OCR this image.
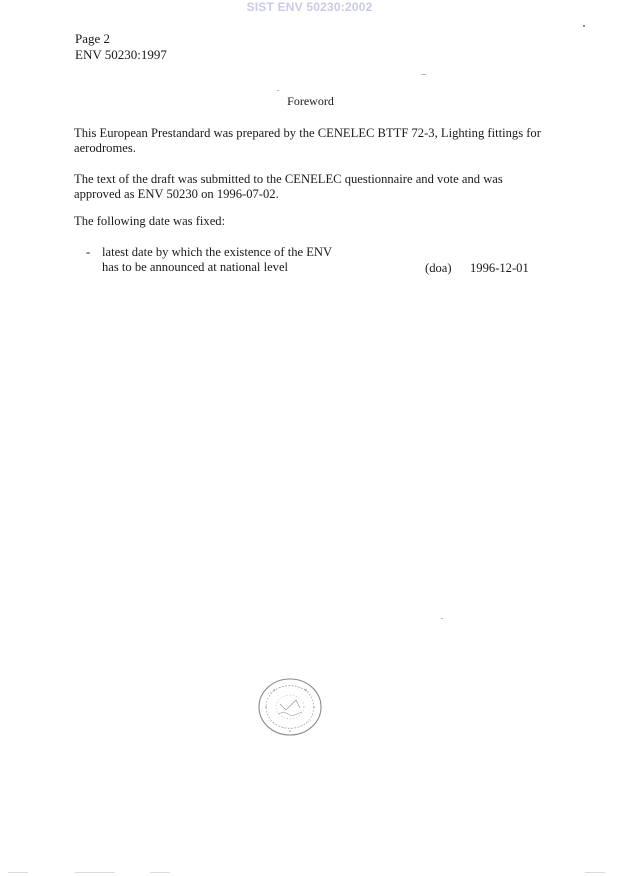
SIST ENV 50230:2002
Page 2
ENV 50230:1997
Foreword
This European Prestandard was prepared by the CENELEC BTTF 72-3, Lighting fittings for aerodromes.
The text of the draft was submitted to the CENELEC questionnaire and vote and was approved as ENV 50230 on 1996-07-02.
The following date was fixed:
- latest date by which the existence of the ENV
has to be announced at national level	(doa) 1996-12-01
